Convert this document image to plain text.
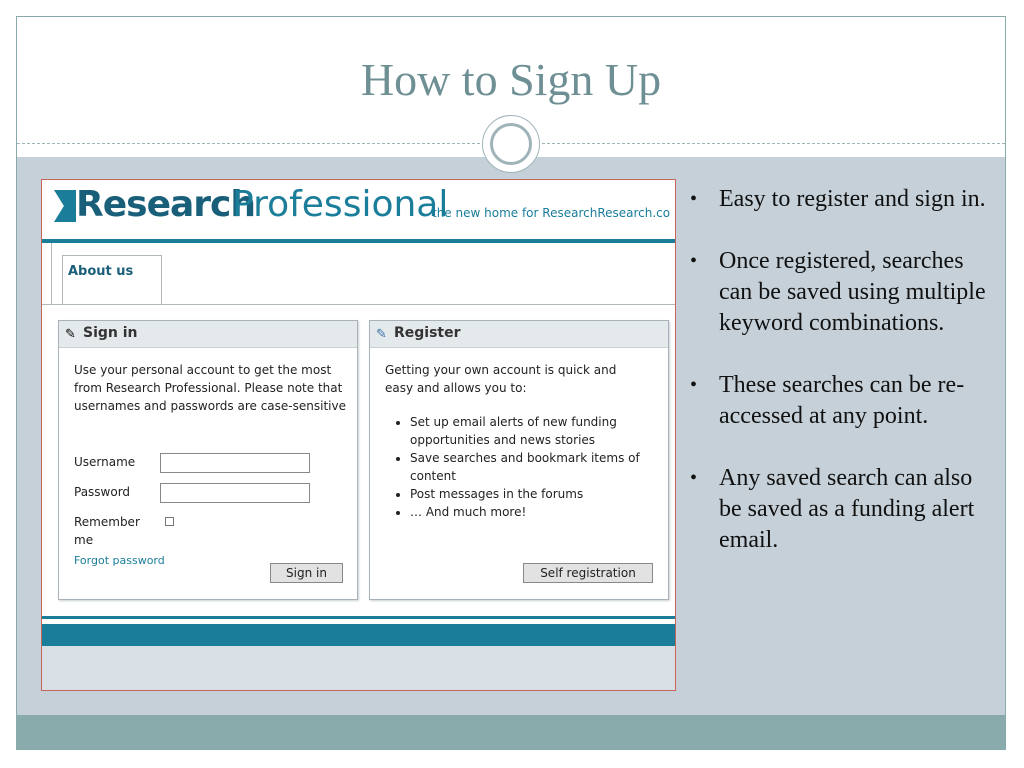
How to Sign Up
Research
Professional
the new home for ResearchResearch.co
About us
✎ Sign in
Use your personal account to get the most from Research Professional. Please note that usernames and passwords are case-sensitive
Username
Password
Remember me
Forgot password
Sign in
✎ Register
Getting your own account is quick and easy and allows you to:
• Set up email alerts of new funding opportunities and news stories
• Save searches and bookmark items of content
• Post messages in the forums
• … And much more!
Self registration
• Easy to register and sign in.
• Once registered, searches can be saved using multiple keyword combinations.
• These searches can be re-accessed at any point.
• Any saved search can also be saved as a funding alert email.
